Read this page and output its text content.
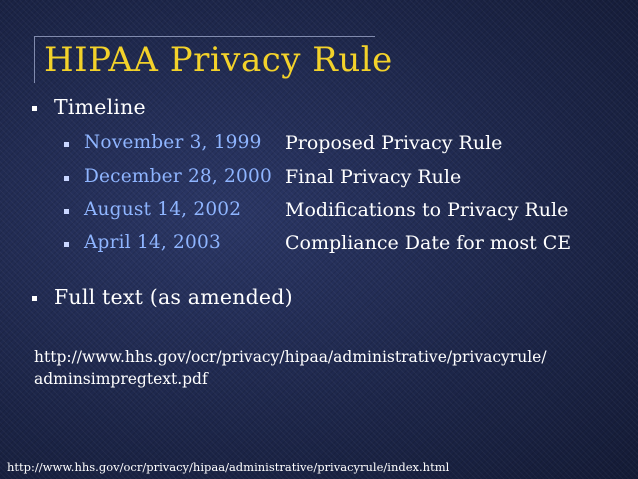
HIPAA Privacy Rule
Timeline
November 3, 1999 Proposed Privacy Rule
December 28, 2000 Final Privacy Rule
August 14, 2002 Modifications to Privacy Rule
April 14, 2003	Compliance Date for most CE
Full text (as amended)
http://www.hhs.gov/ocr/privacy/hipaa/administrative/privacyrule/
adminsimpregtext.pdf
http://www.hhs.gov/ocr/privacy/hipaa/administrative/privacyrule/index.html
